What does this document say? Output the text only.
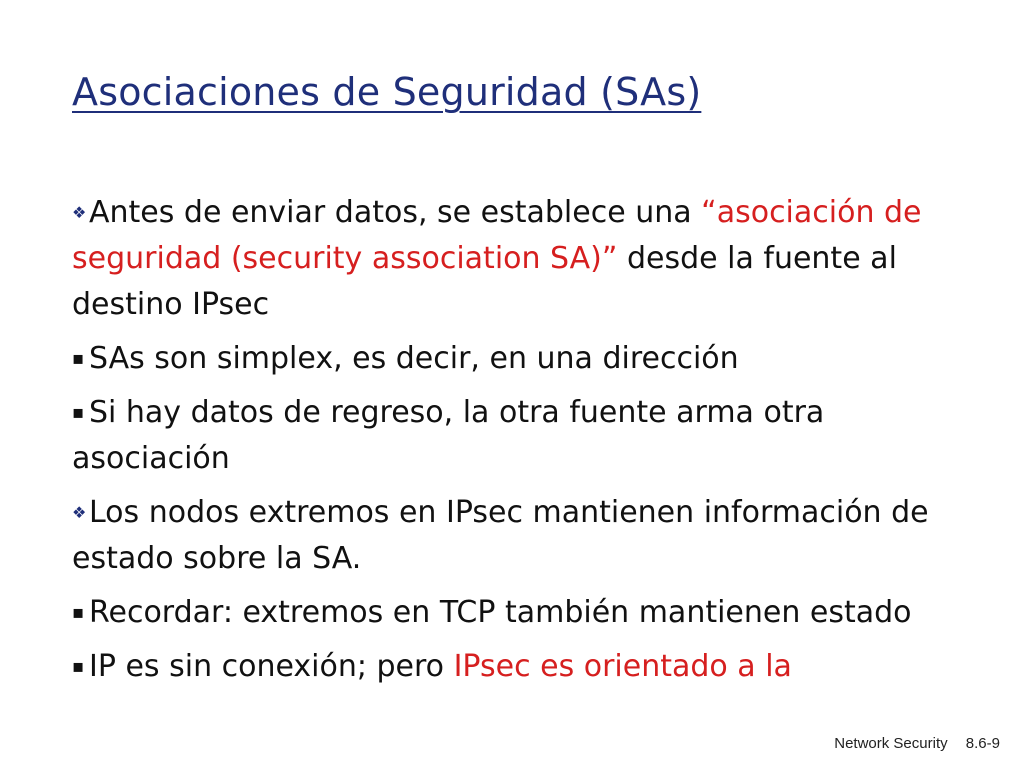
Asociaciones de Seguridad (SAs)
❖Antes de enviar datos, se establece una “asociación de seguridad (security association SA)” desde la fuente al destino IPsec
▪ SAs son simplex, es decir, en una dirección
▪ Si hay datos de regreso, la otra fuente arma otra asociación
❖Los nodos extremos en IPsec mantienen información de estado sobre la SA.
▪ Recordar: extremos en TCP también mantienen estado
▪ IP es sin conexión; pero IPsec es orientado a la
Network Security 8.6-9
